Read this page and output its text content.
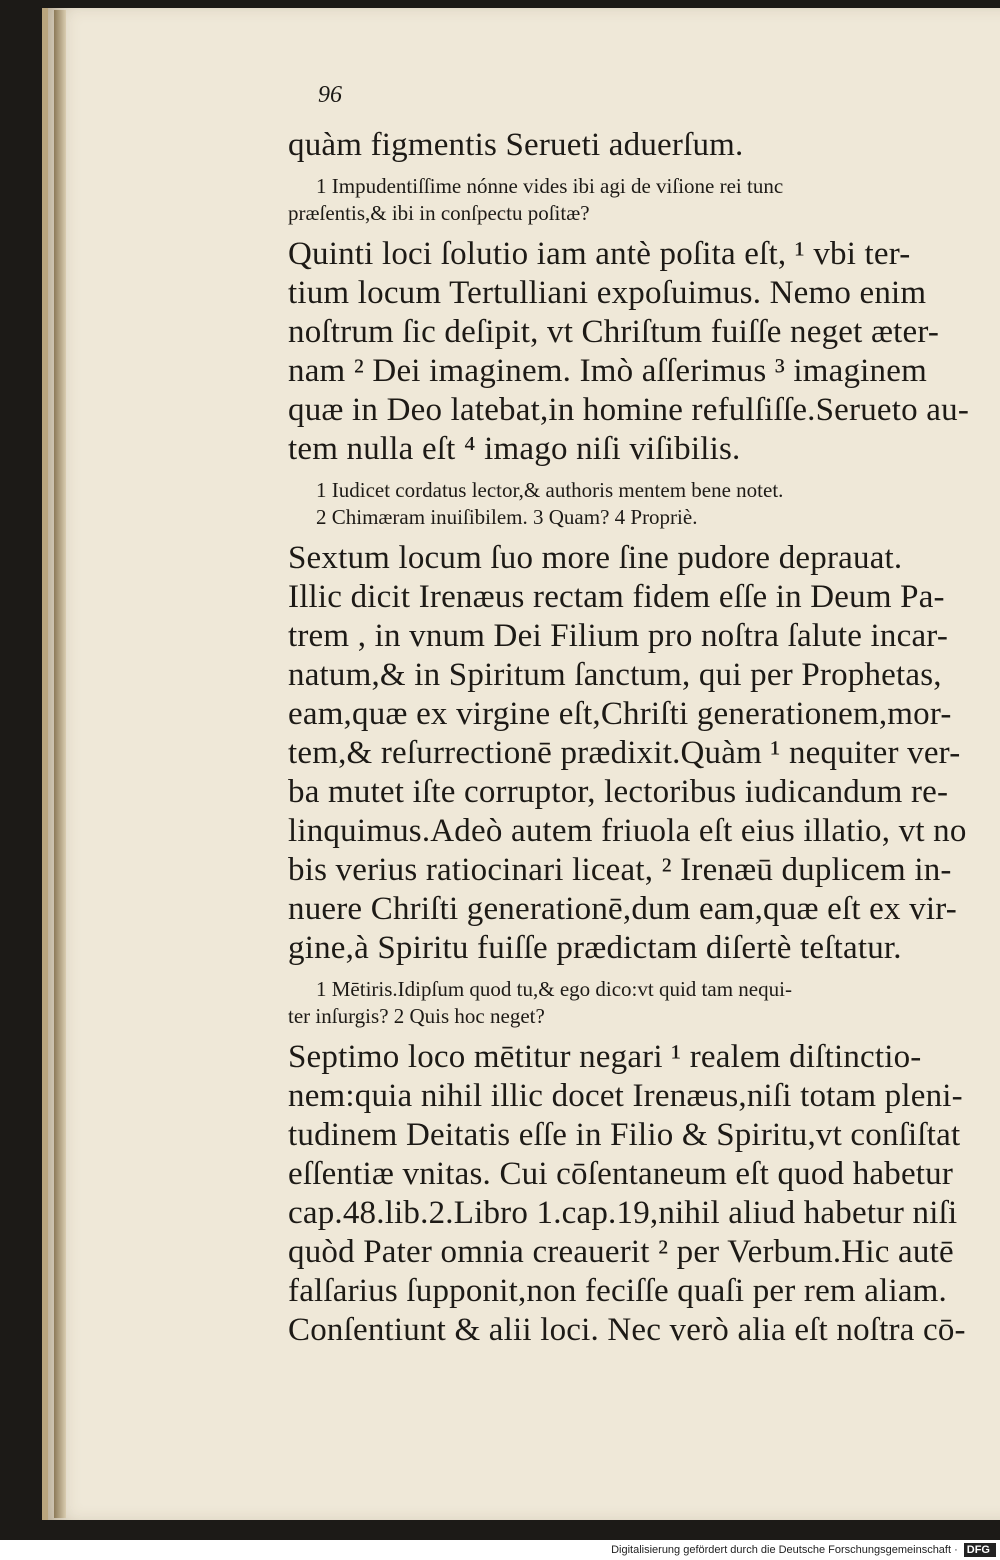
96
quàm figmentis Serueti aduerſum.
1 Impudentiſſime nónne vides ibi agi de viſione rei tunc
præſentis,& ibi in conſpectu poſitæ?
Quinti loci ſolutio iam antè poſita eſt, ¹ vbi ter-
tium locum Tertulliani expoſuimus. Nemo enim
noſtrum ſic deſipit, vt Chriſtum fuiſſe neget æter-
nam ² Dei imaginem. Imò aſſerimus ³ imaginem
quæ in Deo latebat,in homine refulſiſſe.Serueto au-
tem nulla eſt ⁴ imago niſi viſibilis.
1 Iudicet cordatus lector,& authoris mentem bene notet.
2 Chimæram inuiſibilem. 3 Quam? 4 Propriè.
Sextum locum ſuo more ſine pudore deprauat.
Illic dicit Irenæus rectam fidem eſſe in Deum Pa-
trem , in vnum Dei Filium pro noſtra ſalute incar-
natum,& in Spiritum ſanctum, qui per Prophetas,
eam,quæ ex virgine eſt,Chriſti generationem,mor-
tem,& reſurrectionē prædixit.Quàm ¹ nequiter ver-
ba mutet iſte corruptor, lectoribus iudicandum re-
linquimus.Adeò autem friuola eſt eius illatio, vt no
bis verius ratiocinari liceat, ² Irenæū duplicem in-
nuere Chriſti generationē,dum eam,quæ eſt ex vir-
gine,à Spiritu fuiſſe prædictam diſertè teſtatur.
1 Mētiris.Idipſum quod tu,& ego dico:vt quid tam nequi-
ter inſurgis? 2 Quis hoc neget?
Septimo loco mētitur negari ¹ realem diſtinctio-
nem:quia nihil illic docet Irenæus,niſi totam pleni-
tudinem Deitatis eſſe in Filio & Spiritu,vt conſiſtat
eſſentiæ vnitas. Cui cōſentaneum eſt quod habetur
cap.48.lib.2.Libro 1.cap.19,nihil aliud habetur niſi
quòd Pater omnia creauerit ² per Verbum.Hic autē
falſarius ſupponit,non feciſſe quaſi per rem aliam.
Conſentiunt & alii loci. Nec verò alia eſt noſtra cō-
Digitalisierung gefördert durch die Deutsche Forschungsgemeinschaft · DFG
